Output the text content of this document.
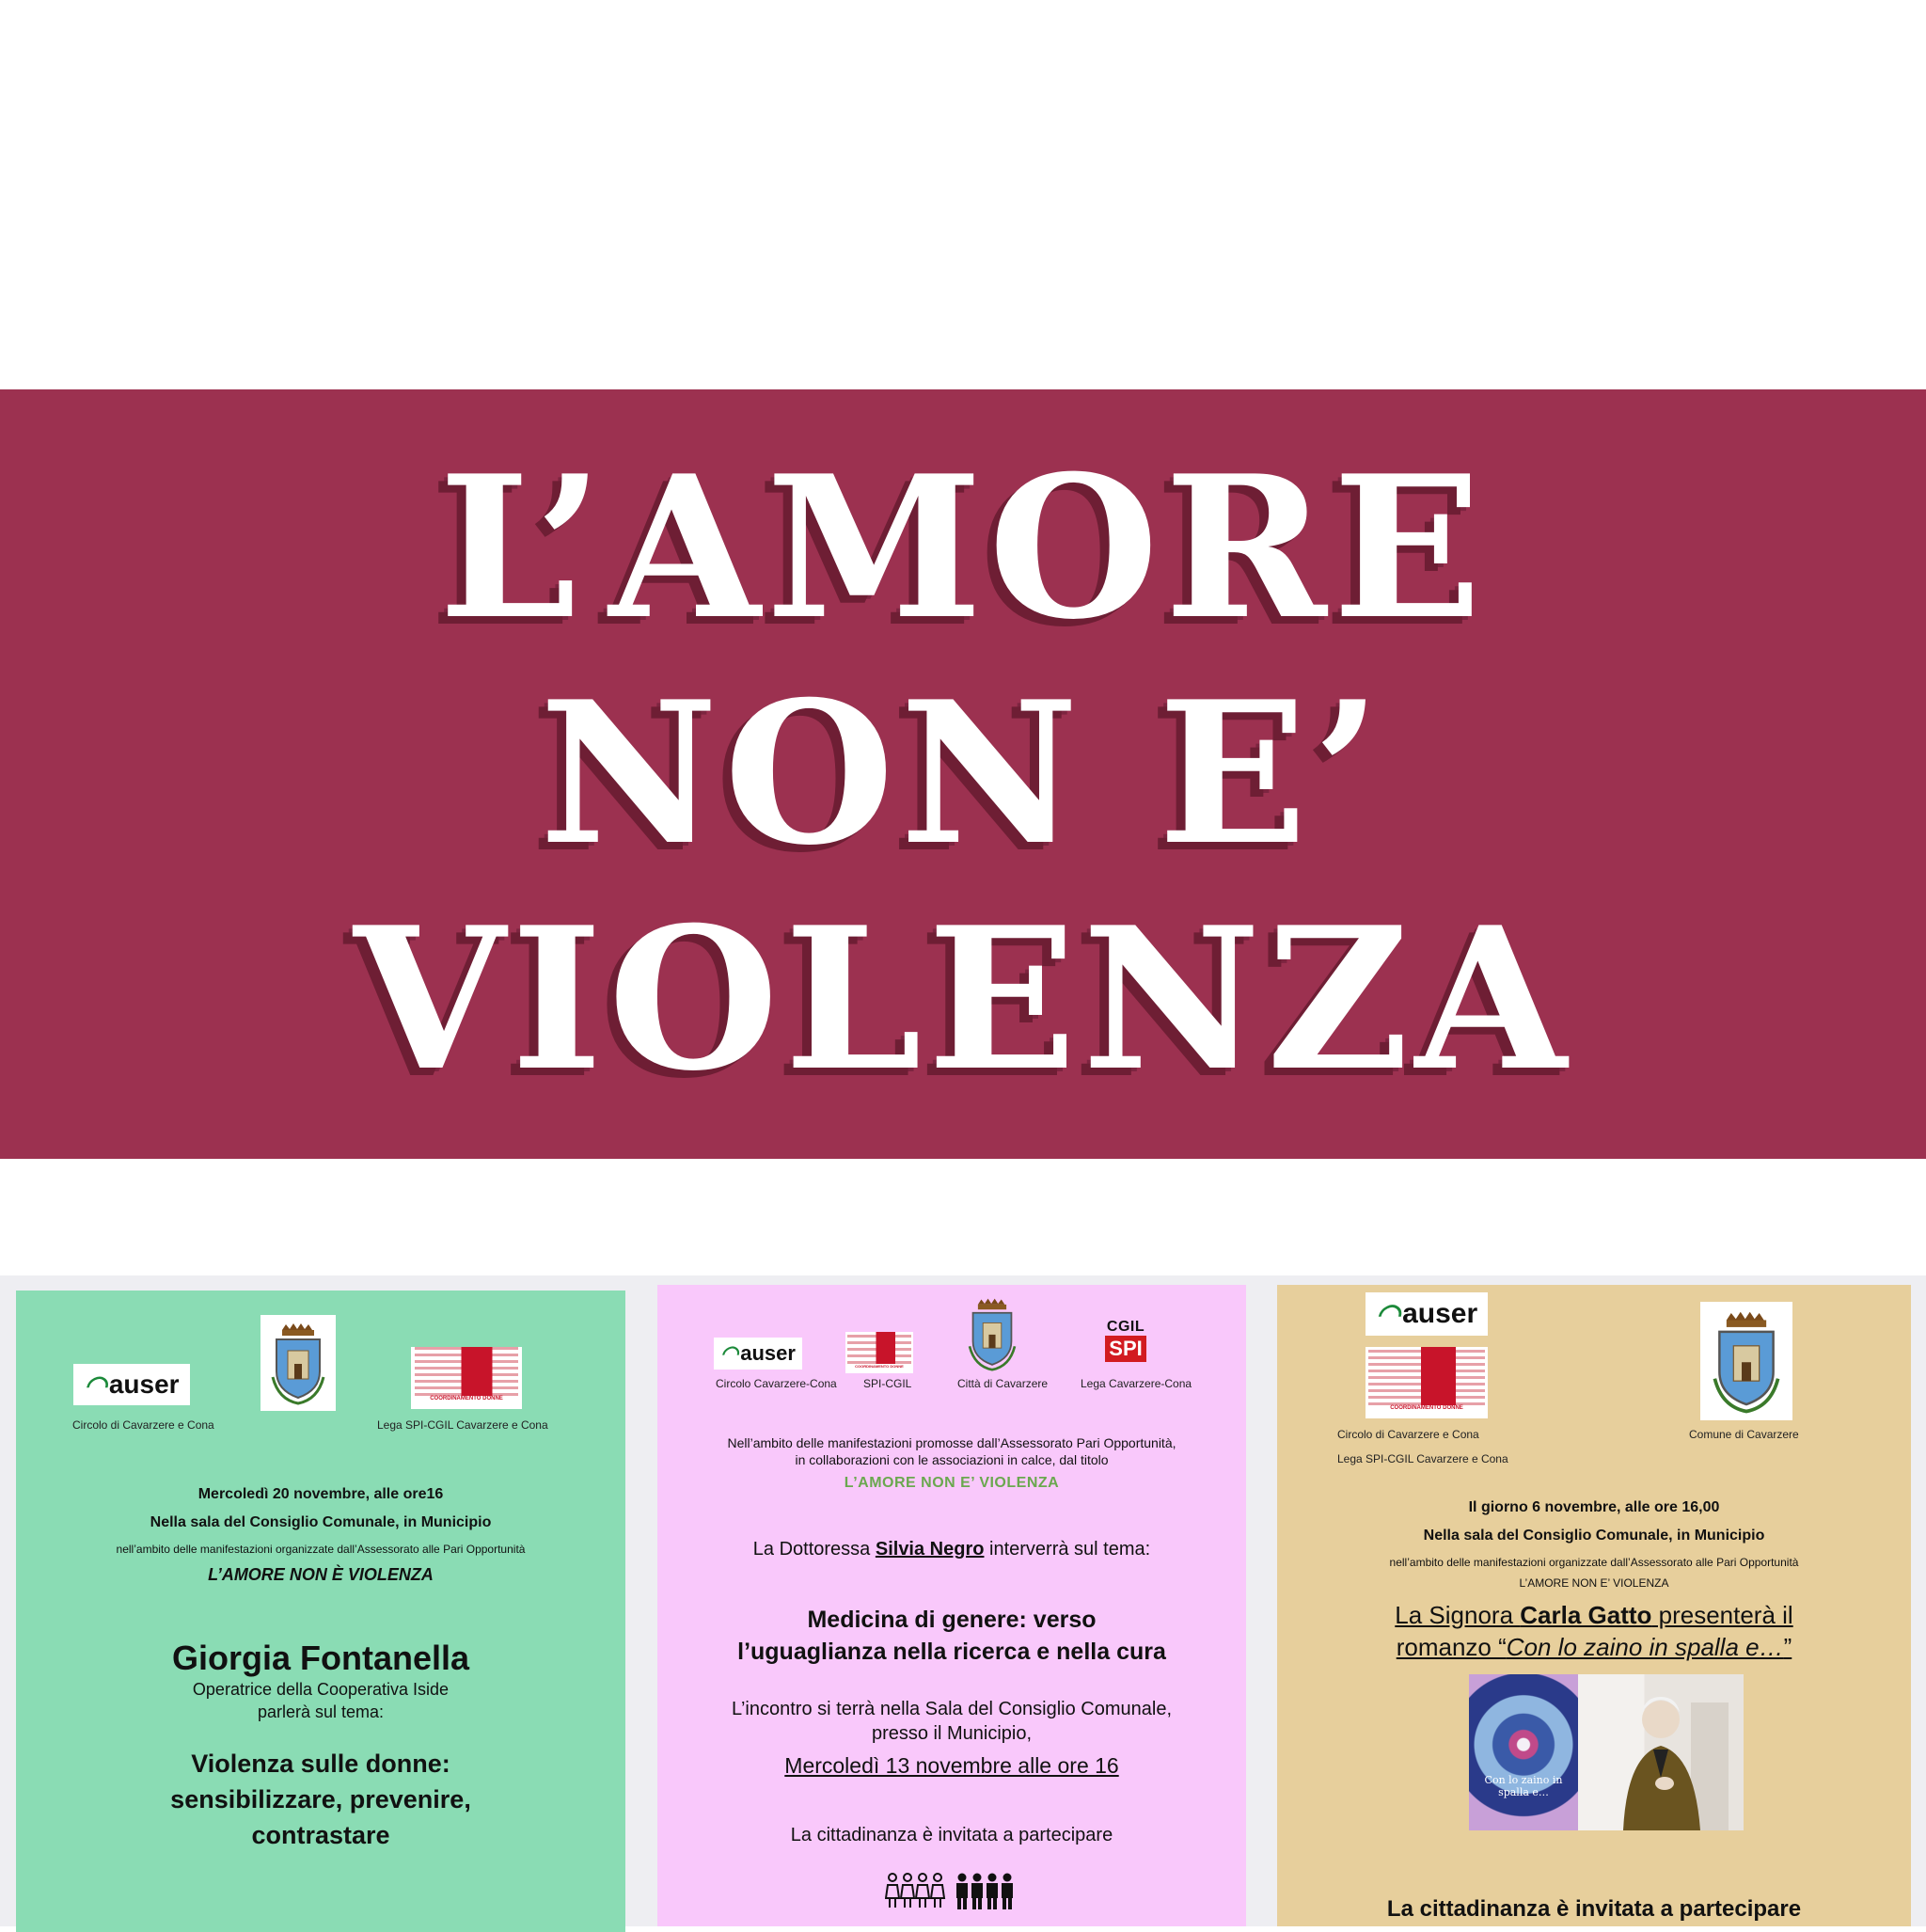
L’AMORE
NON E’
VIOLENZA
◠ auser	COORDINAMENTO DONNE
Circolo di Cavarzere e Cona	Lega SPI-CGIL Cavarzere e Cona
Mercoledì 20 novembre, alle ore16
Nella sala del Consiglio Comunale, in Municipio
nell’ambito delle manifestazioni organizzate dall’Assessorato alle Pari Opportunità
L’AMORE NON È VIOLENZA
Giorgia Fontanella
Operatrice della Cooperativa Iside
parlerà sul tema:
Violenza sulle donne:
sensibilizzare, prevenire,
contrastare
◠ auser
COORDINAMENTO DONNE
CGIL
SPI
Circolo Cavarzere-Cona SPI-CGIL	Città di Cavarzere	Lega Cavarzere-Cona
Nell’ambito delle manifestazioni promosse dall’Assessorato Pari Opportunità,
in collaborazioni con le associazioni in calce, dal titolo
L’AMORE NON E’ VIOLENZA
La Dottoressa Silvia Negro interverrà sul tema:
Medicina di genere: verso
l’uguaglianza nella ricerca e nella cura
L’incontro si terrà nella Sala del Consiglio Comunale,
presso il Municipio,
Mercoledì 13 novembre alle ore 16
La cittadinanza è invitata a partecipare
◠ auser
COORDINAMENTO DONNE
Circolo di Cavarzere e Cona
Lega SPI-CGIL Cavarzere e Cona
Comune di Cavarzere
Il giorno 6 novembre, alle ore 16,00
Nella sala del Consiglio Comunale, in Municipio
nell’ambito delle manifestazioni organizzate dall’Assessorato alle Pari Opportunità
L’AMORE NON E’ VIOLENZA
La Signora Carla Gatto presenterà il
romanzo “Con lo zaino in spalla e…”
Con lo zaino in spalla e…
La cittadinanza è invitata a partecipare
